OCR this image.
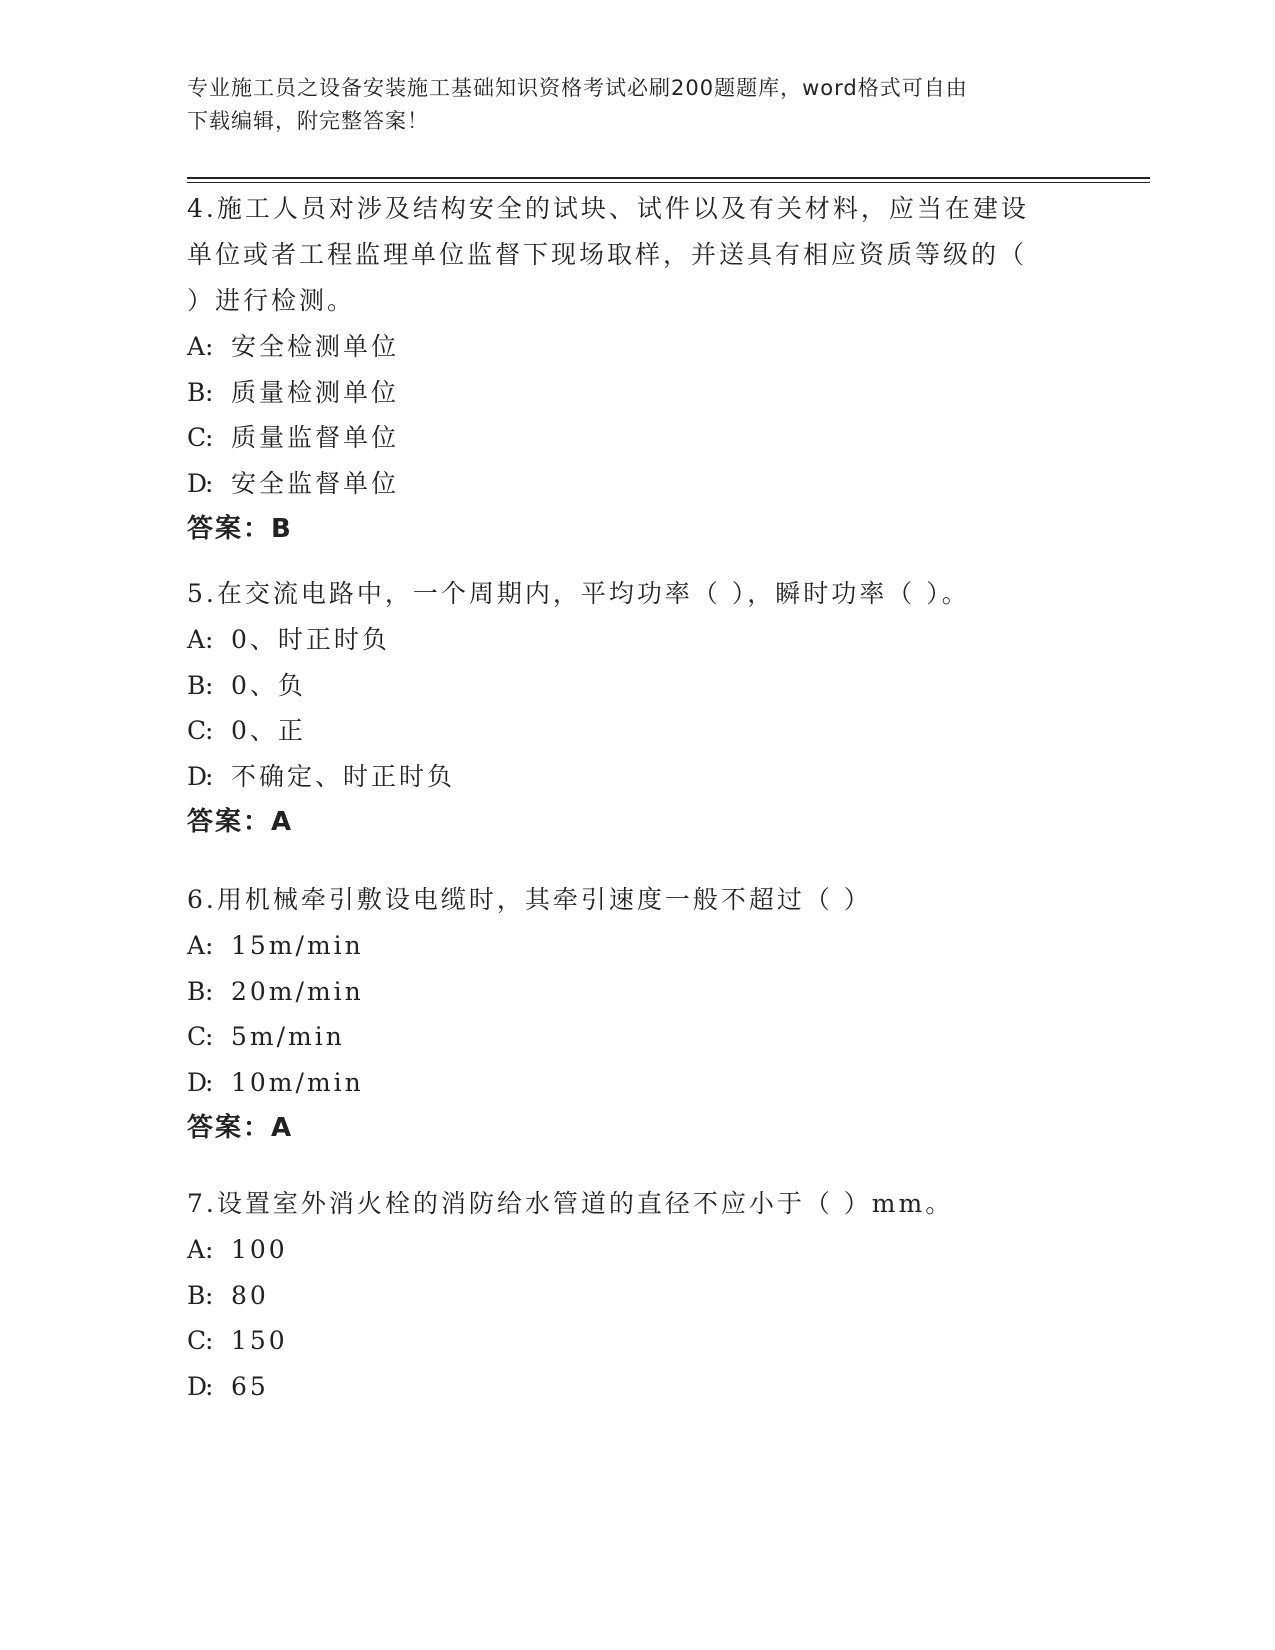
专业施工员之设备安装施工基础知识资格考试必刷200题题库，word格式可自由
下载编辑，附完整答案！
4.施工人员对涉及结构安全的试块、试件以及有关材料，应当在建设
单位或者工程监理单位监督下现场取样，并送具有相应资质等级的（
）进行检测。
A: 安全检测单位
B: 质量检测单位
C: 质量监督单位
D: 安全监督单位
答案：B
5.在交流电路中，一个周期内，平均功率（ ），瞬时功率（ ）。
A: 0、时正时负
B: 0、负
C: 0、正
D: 不确定、时正时负
答案：A
6.用机械牵引敷设电缆时，其牵引速度一般不超过（ ）
A: 15m/min
B: 20m/min
C: 5m/min
D: 10m/min
答案：A
7.设置室外消火栓的消防给水管道的直径不应小于（ ）mm。
A: 100
B: 80
C: 150
D: 65
